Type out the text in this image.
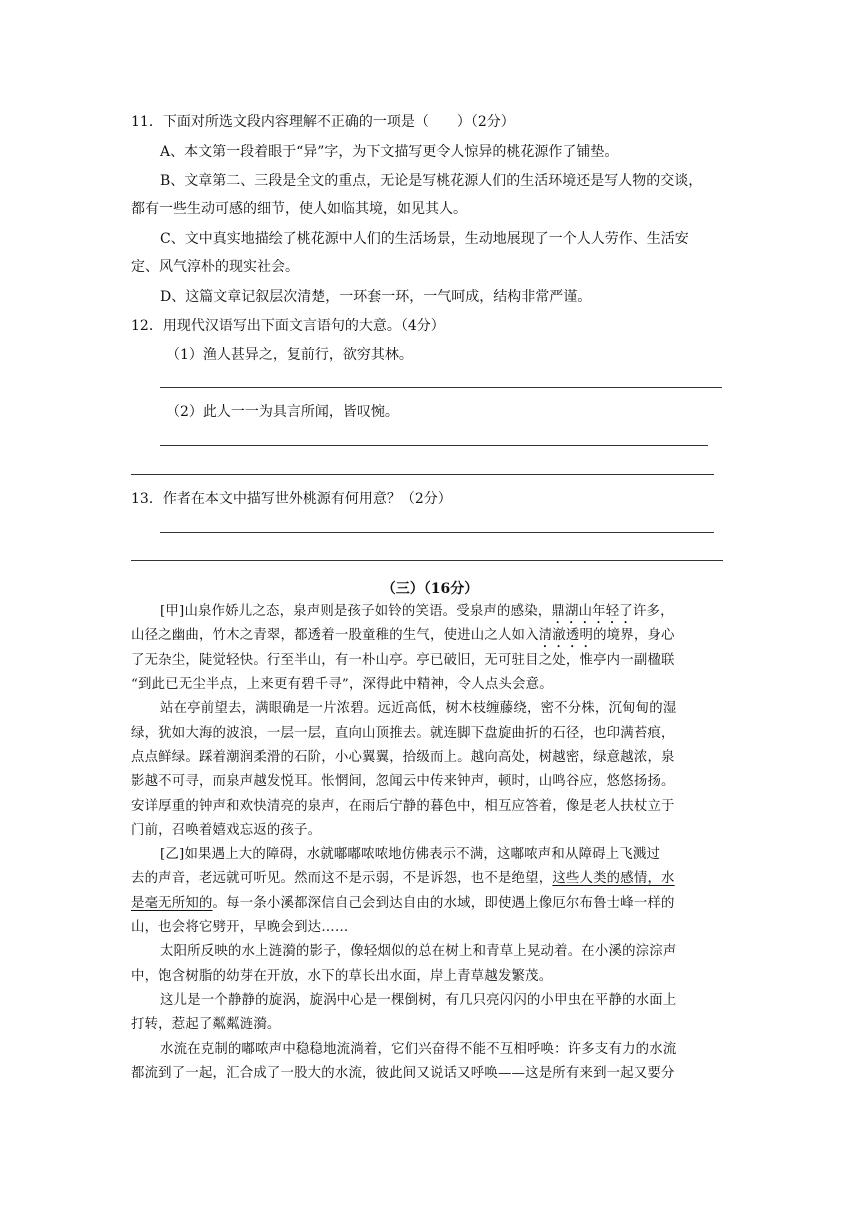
11．下面对所选文段内容理解不正确的一项是（　　）（2分）
A、本文第一段着眼于“异”字，为下文描写更令人惊异的桃花源作了铺垫。
B、文章第二、三段是全文的重点，无论是写桃花源人们的生活环境还是写人物的交谈，
都有一些生动可感的细节，使人如临其境，如见其人。
C、文中真实地描绘了桃花源中人们的生活场景，生动地展现了一个人人劳作、生活安
定、风气淳朴的现实社会。
D、这篇文章记叙层次清楚，一环套一环，一气呵成，结构非常严谨。
12．用现代汉语写出下面文言语句的大意。（4分）
（1）渔人甚异之，复前行，欲穷其林。
（2）此人一一为具言所闻，皆叹惋。
13．作者在本文中描写世外桃源有何用意？（2分）
（三）（16分）
[甲]山泉作娇儿之态，泉声则是孩子如铃的笑语。受泉声的感染，鼎湖山年轻了许多，
山径之幽曲，竹木之青翠，都透着一股童稚的生气，使进山之人如入清澈透明的境界，身心
了无杂尘，陡觉轻快。行至半山，有一朴山亭。亭已破旧，无可驻目之处，惟亭内一副楹联
“到此已无尘半点，上来更有碧千寻”，深得此中精神，令人点头会意。
站在亭前望去，满眼确是一片浓碧。远近高低，树木枝缠藤绕，密不分株，沉甸甸的湿
绿，犹如大海的波浪，一层一层，直向山顶推去。就连脚下盘旋曲折的石径，也印满苔痕，
点点鲜绿。踩着潮润柔滑的石阶，小心翼翼，拾级而上。越向高处，树越密，绿意越浓，泉
影越不可寻，而泉声越发悦耳。怅惘间，忽闻云中传来钟声，顿时，山鸣谷应，悠悠扬扬。
安详厚重的钟声和欢快清亮的泉声，在雨后宁静的暮色中，相互应答着，像是老人扶杖立于
门前，召唤着嬉戏忘返的孩子。
[乙]如果遇上大的障碍，水就嘟嘟哝哝地仿佛表示不满，这嘟哝声和从障碍上飞溅过
去的声音，老远就可听见。然而这不是示弱，不是诉怨，也不是绝望，这些人类的感情，水
是毫无所知的。每一条小溪都深信自己会到达自由的水域，即使遇上像厄尔布鲁士峰一样的
山，也会将它劈开，早晚会到达……
太阳所反映的水上涟漪的影子，像轻烟似的总在树上和青草上晃动着。在小溪的淙淙声
中，饱含树脂的幼芽在开放，水下的草长出水面，岸上青草越发繁茂。
这儿是一个静静的旋涡，旋涡中心是一棵倒树，有几只亮闪闪的小甲虫在平静的水面上
打转，惹起了粼粼涟漪。
水流在克制的嘟哝声中稳稳地流淌着，它们兴奋得不能不互相呼唤：许多支有力的水流
都流到了一起，汇合成了一股大的水流，彼此间又说话又呼唤——这是所有来到一起又要分
